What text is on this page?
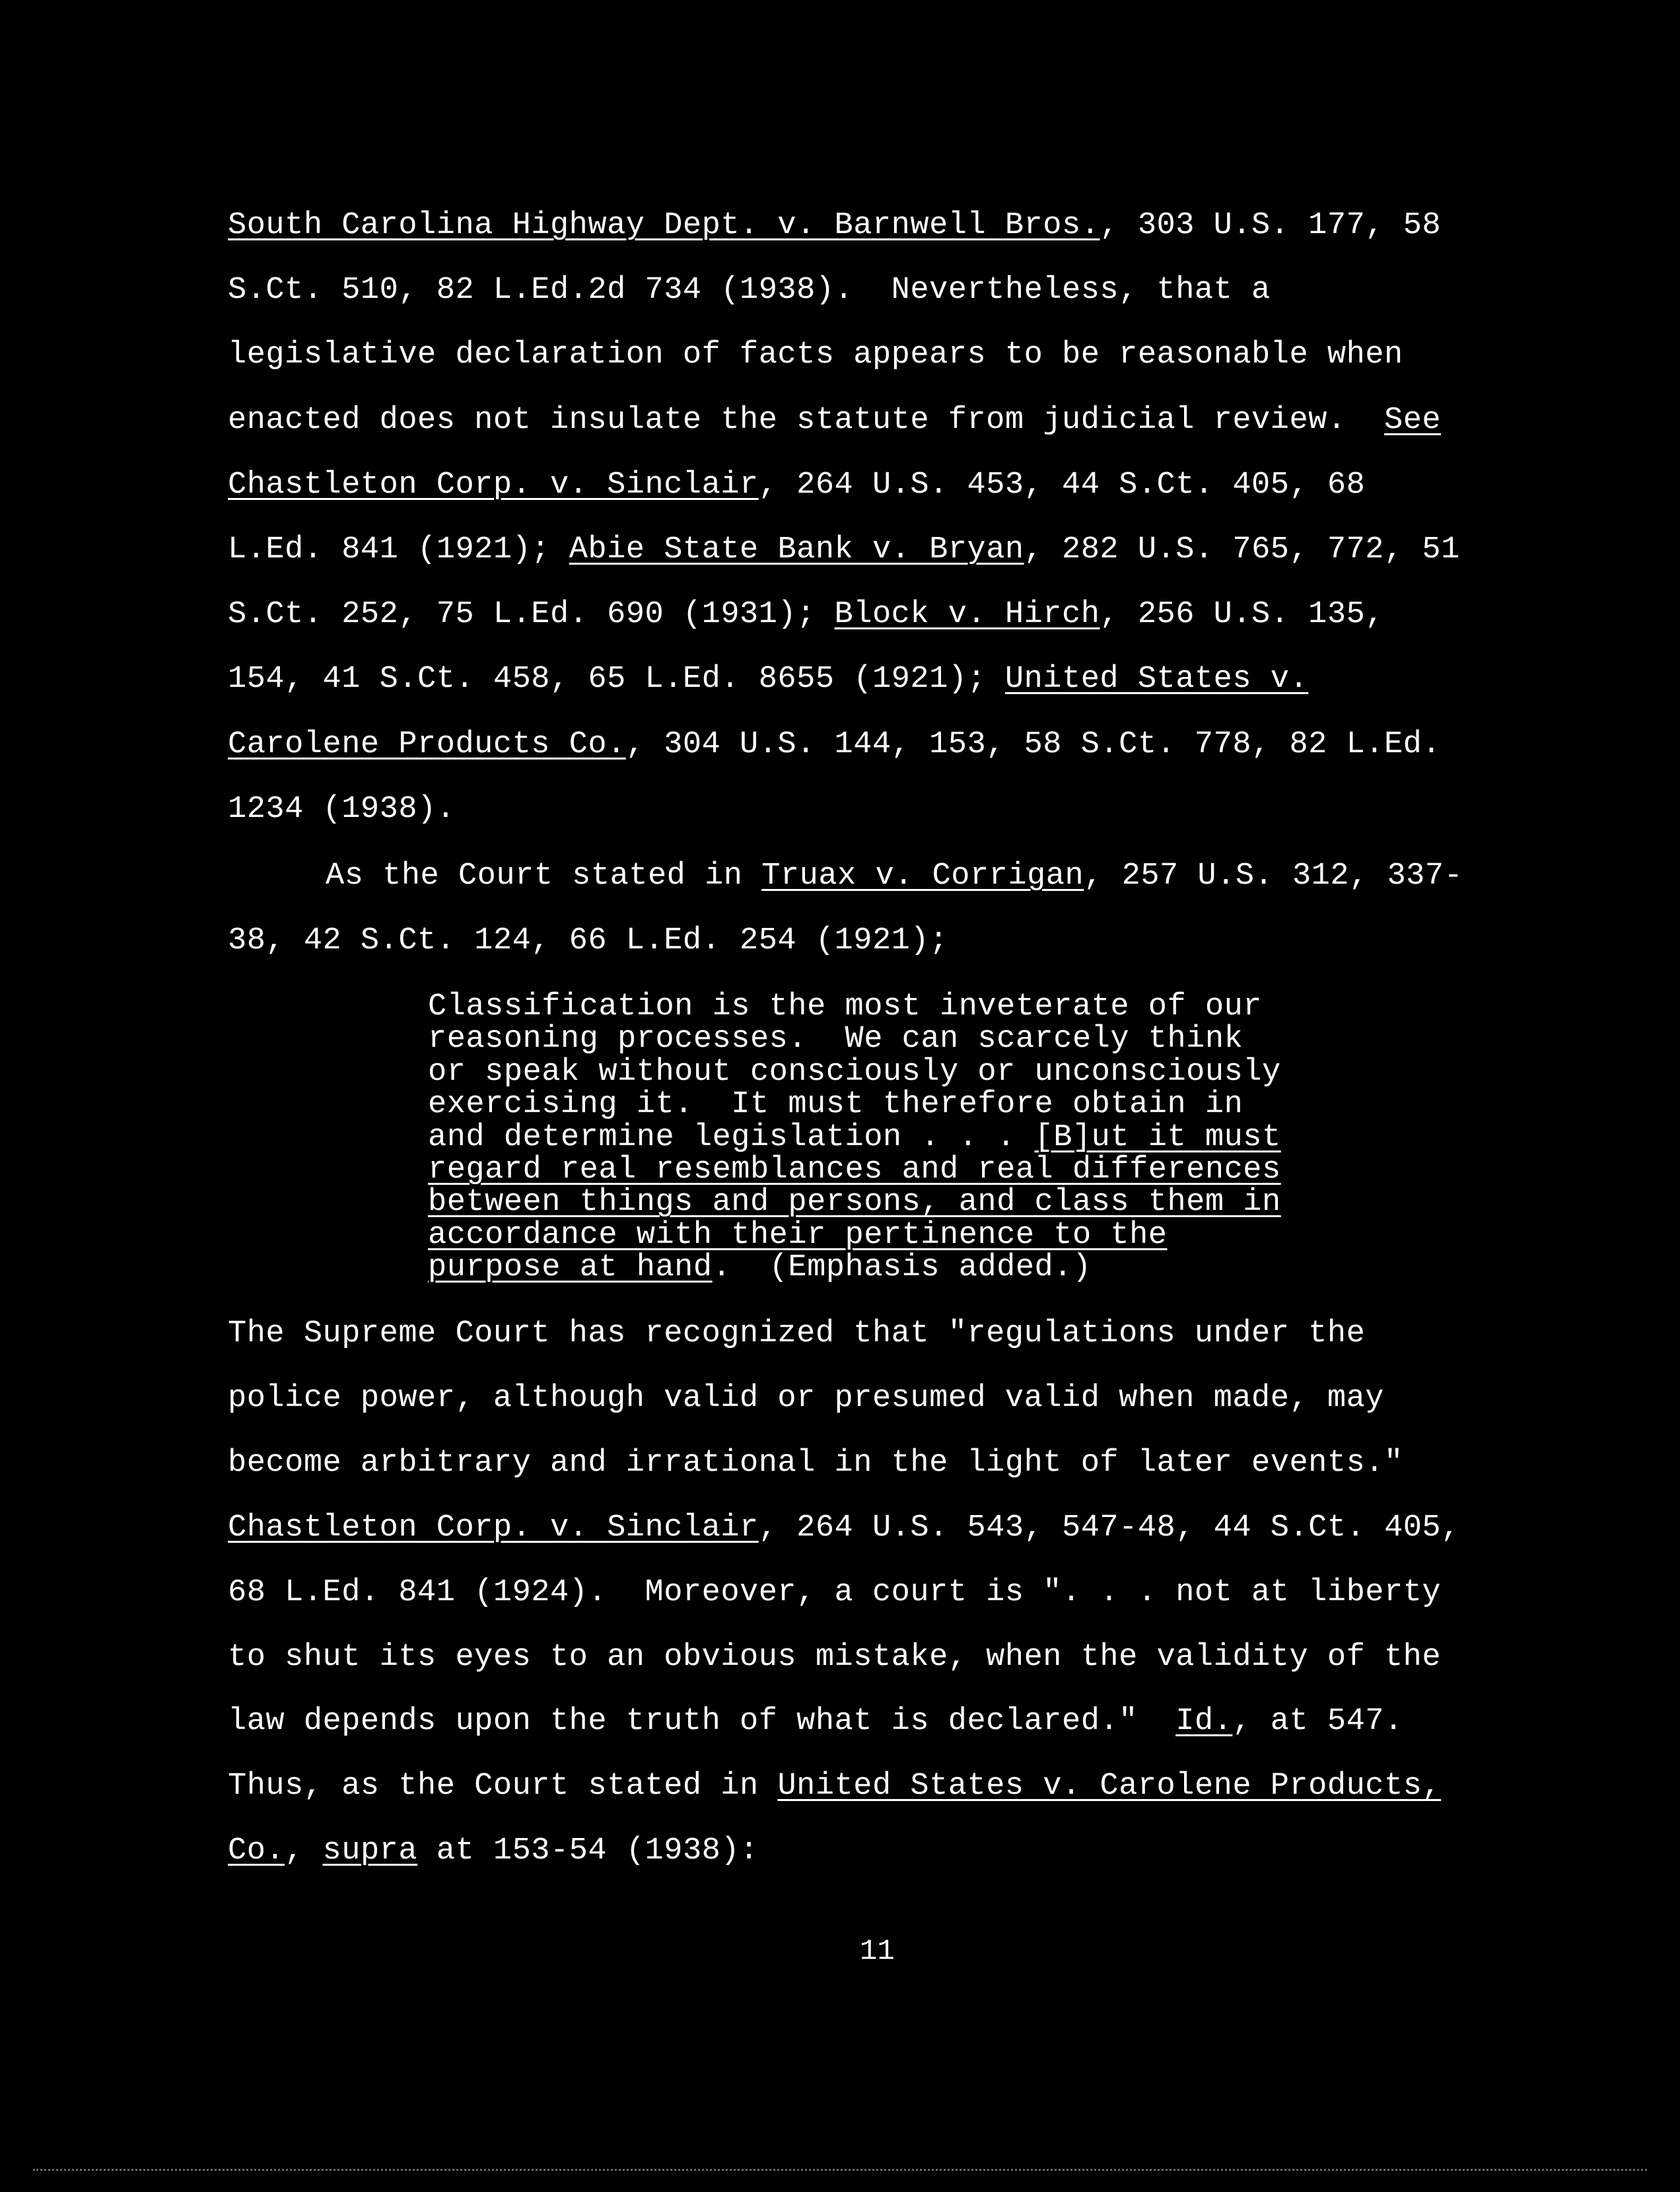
South Carolina Highway Dept. v. Barnwell Bros., 303 U.S. 177, 58
S.Ct. 510, 82 L.Ed.2d 734 (1938).  Nevertheless, that a
legislative declaration of facts appears to be reasonable when
enacted does not insulate the statute from judicial review.  See
Chastleton Corp. v. Sinclair, 264 U.S. 453, 44 S.Ct. 405, 68
L.Ed. 841 (1921); Abie State Bank v. Bryan, 282 U.S. 765, 772, 51
S.Ct. 252, 75 L.Ed. 690 (1931); Block v. Hirch, 256 U.S. 135,
154, 41 S.Ct. 458, 65 L.Ed. 8655 (1921); United States v.
Carolene Products Co., 304 U.S. 144, 153, 58 S.Ct. 778, 82 L.Ed.
1234 (1938).
As the Court stated in Truax v. Corrigan, 257 U.S. 312, 337-
38, 42 S.Ct. 124, 66 L.Ed. 254 (1921);
Classification is the most inveterate of our
reasoning processes.  We can scarcely think
or speak without consciously or unconsciously
exercising it.  It must therefore obtain in
and determine legislation . . . [B]ut it must
regard real resemblances and real differences
between things and persons, and class them in
accordance with their pertinence to the
purpose at hand.  (Emphasis added.)
The Supreme Court has recognized that "regulations under the
police power, although valid or presumed valid when made, may
become arbitrary and irrational in the light of later events."
Chastleton Corp. v. Sinclair, 264 U.S. 543, 547-48, 44 S.Ct. 405,
68 L.Ed. 841 (1924).  Moreover, a court is ". . . not at liberty
to shut its eyes to an obvious mistake, when the validity of the
law depends upon the truth of what is declared."  Id., at 547.
Thus, as the Court stated in United States v. Carolene Products,
Co., supra at 153-54 (1938):
11
